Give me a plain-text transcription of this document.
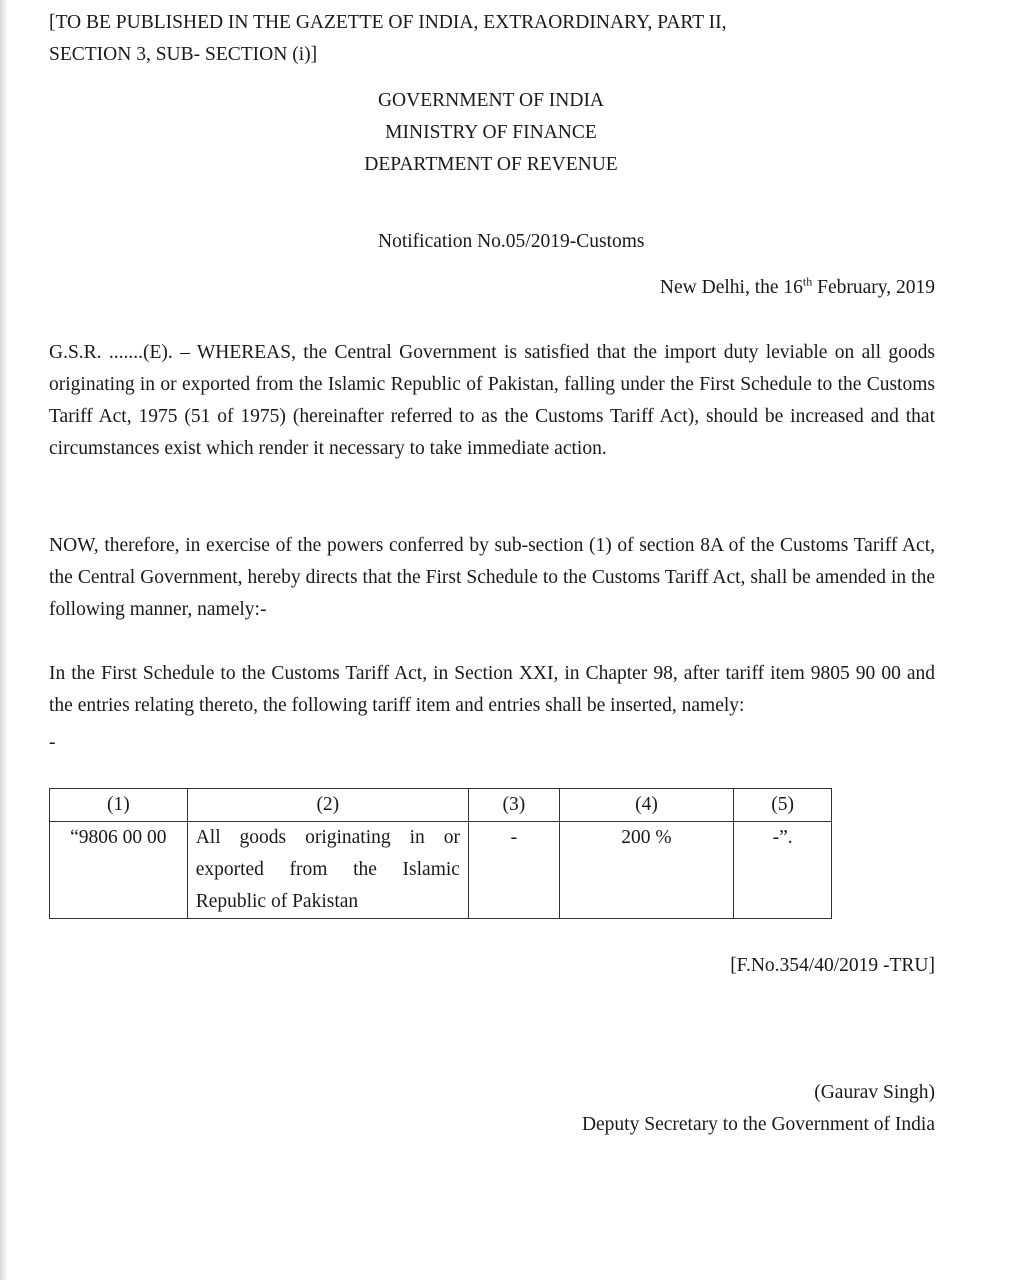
[TO BE PUBLISHED IN THE GAZETTE OF INDIA, EXTRAORDINARY, PART II,
SECTION 3, SUB- SECTION (i)]
GOVERNMENT OF INDIA
MINISTRY OF FINANCE
DEPARTMENT OF REVENUE
Notification No.05/2019-Customs
New Delhi, the 16th February, 2019
G.S.R. .......(E). – WHEREAS, the Central Government is satisfied that the import duty leviable on all goods originating in or exported from the Islamic Republic of Pakistan, falling under the First Schedule to the Customs Tariff Act, 1975 (51 of 1975) (hereinafter referred to as the Customs Tariff Act), should be increased and that circumstances exist which render it necessary to take immediate action.
NOW, therefore, in exercise of the powers conferred by sub-section (1) of section 8A of the Customs Tariff Act, the Central Government, hereby directs that the First Schedule to the Customs Tariff Act, shall be amended in the following manner, namely:-
In the First Schedule to the Customs Tariff Act, in Section XXI, in Chapter 98, after tariff item 9805 90 00 and the entries relating thereto, the following tariff item and entries shall be inserted, namely:
-
(1)	(2)	(3)	(4)	(5)
“9806 00 00	All goods originating in or exported from the Islamic Republic of Pakistan	-	200 %	-”.
[F.No.354/40/2019 -TRU]
(Gaurav Singh)
Deputy Secretary to the Government of India
